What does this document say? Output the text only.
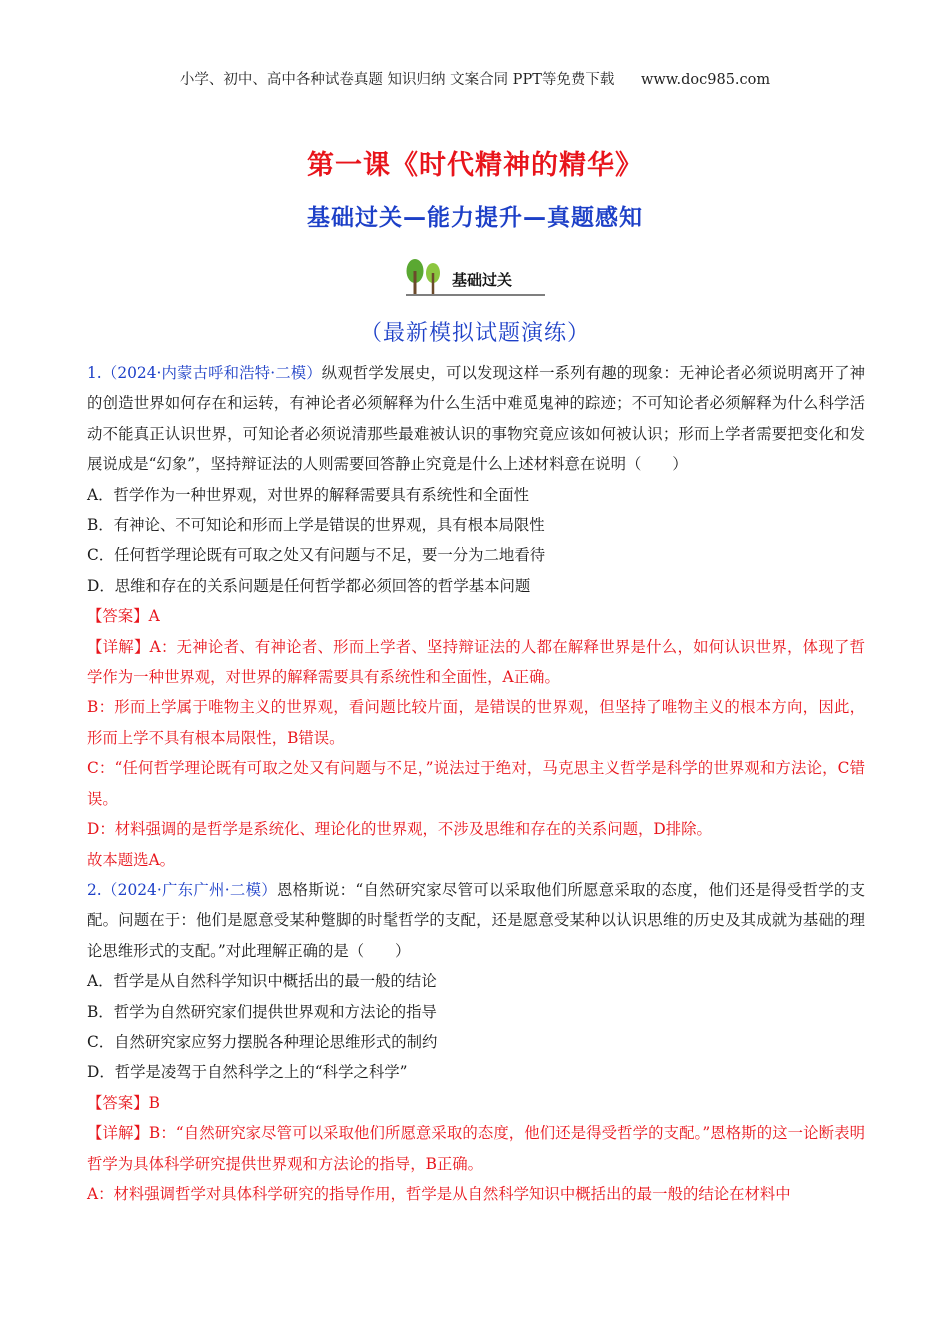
小学、初中、高中各种试卷真题 知识归纳 文案合同 PPT等免费下载 www.doc985.com
第一课《时代精神的精华》
基础过关—能力提升—真题感知
基础过关
（最新模拟试题演练）

1.（2024·内蒙古呼和浩特·二模）纵观哲学发展史，可以发现这样一系列有趣的现象：无神论者必须说明离开了神的创造世界如何存在和运转，有神论者必须解释为什么生活中难觅鬼神的踪迹；不可知论者必须解释为什么科学活动不能真正认识世界，可知论者必须说清那些最难被认识的事物究竟应该如何被认识；形而上学者需要把变化和发展说成是“幻象”，坚持辩证法的人则需要回答静止究竟是什么上述材料意在说明（　　）

A．哲学作为一种世界观，对世界的解释需要具有系统性和全面性

B．有神论、不可知论和形而上学是错误的世界观，具有根本局限性

C．任何哲学理论既有可取之处又有问题与不足，要一分为二地看待

D．思维和存在的关系问题是任何哲学都必须回答的哲学基本问题

【答案】A

【详解】A：无神论者、有神论者、形而上学者、坚持辩证法的人都在解释世界是什么，如何认识世界，体现了哲学作为一种世界观，对世界的解释需要具有系统性和全面性，A正确。

B：形而上学属于唯物主义的世界观，看问题比较片面，是错误的世界观，但坚持了唯物主义的根本方向，因此，形而上学不具有根本局限性，B错误。

C：“任何哲学理论既有可取之处又有问题与不足，”说法过于绝对，马克思主义哲学是科学的世界观和方法论，C错误。

D：材料强调的是哲学是系统化、理论化的世界观，不涉及思维和存在的关系问题，D排除。

故本题选A。

2.（2024·广东广州·二模）恩格斯说：“自然研究家尽管可以采取他们所愿意采取的态度，他们还是得受哲学的支配。问题在于：他们是愿意受某种蹩脚的时髦哲学的支配，还是愿意受某种以认识思维的历史及其成就为基础的理论思维形式的支配。”对此理解正确的是（　　）

A．哲学是从自然科学知识中概括出的最一般的结论

B．哲学为自然研究家们提供世界观和方法论的指导

C．自然研究家应努力摆脱各种理论思维形式的制约

D．哲学是凌驾于自然科学之上的“科学之科学”

【答案】B

【详解】B：“自然研究家尽管可以采取他们所愿意采取的态度，他们还是得受哲学的支配。”恩格斯的这一论断表明哲学为具体科学研究提供世界观和方法论的指导，B正确。

A：材料强调哲学对具体科学研究的指导作用，哲学是从自然科学知识中概括出的最一般的结论在材料中
